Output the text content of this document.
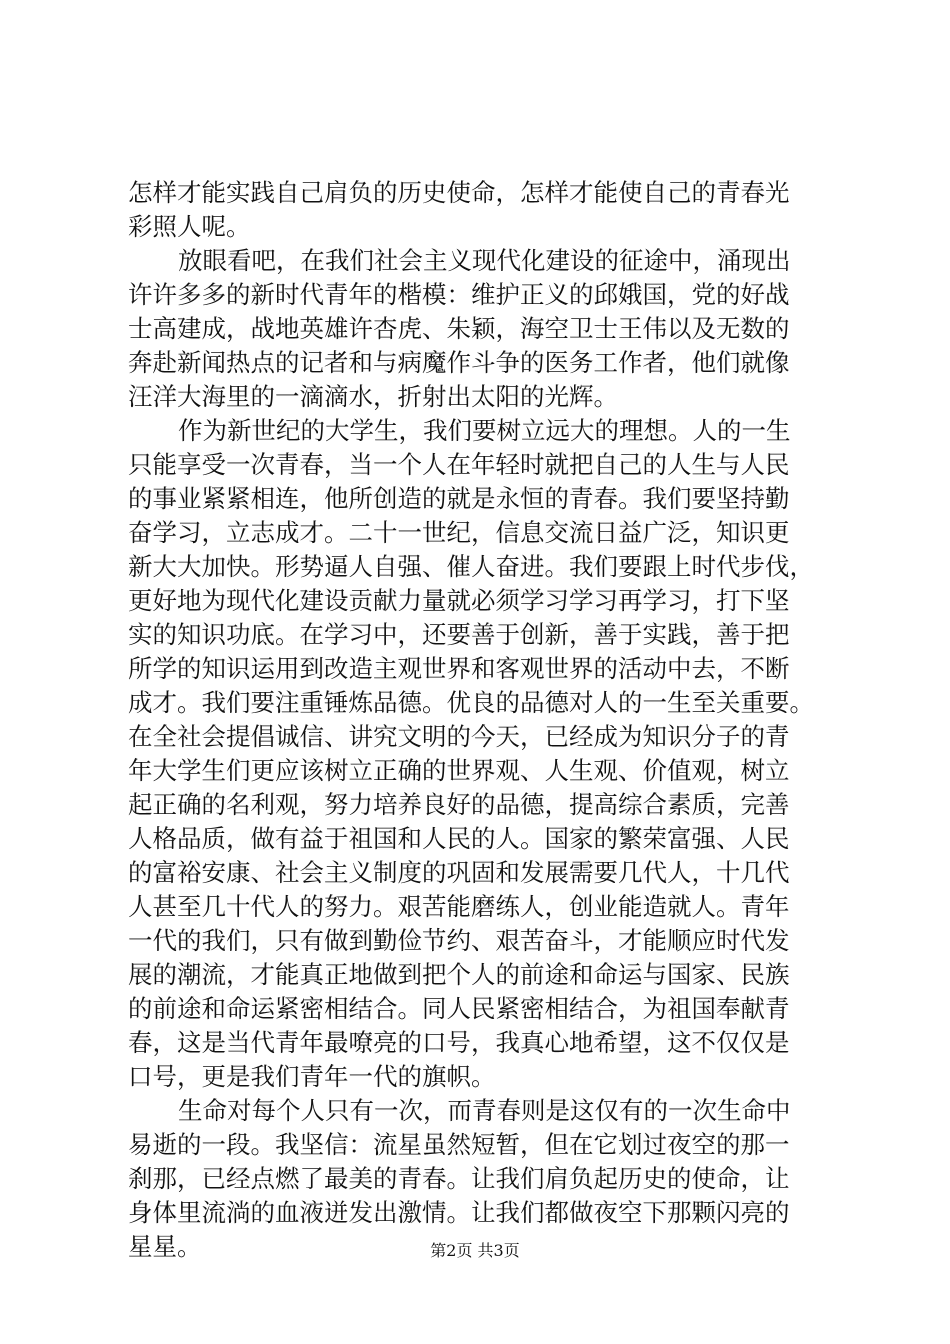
怎样才能实践自己肩负的历史使命，怎样才能使自己的青春光
彩照人呢。
放眼看吧，在我们社会主义现代化建设的征途中，涌现出
许许多多的新时代青年的楷模：维护正义的邱娥国，党的好战
士高建成，战地英雄许杏虎、朱颖，海空卫士王伟以及无数的
奔赴新闻热点的记者和与病魔作斗争的医务工作者，他们就像
汪洋大海里的一滴滴水，折射出太阳的光辉。
作为新世纪的大学生，我们要树立远大的理想。人的一生
只能享受一次青春，当一个人在年轻时就把自己的人生与人民
的事业紧紧相连，他所创造的就是永恒的青春。我们要坚持勤
奋学习，立志成才。二十一世纪，信息交流日益广泛，知识更
新大大加快。形势逼人自强、催人奋进。我们要跟上时代步伐，
更好地为现代化建设贡献力量就必须学习学习再学习，打下坚
实的知识功底。在学习中，还要善于创新，善于实践，善于把
所学的知识运用到改造主观世界和客观世界的活动中去，不断
成才。我们要注重锤炼品德。优良的品德对人的一生至关重要。
在全社会提倡诚信、讲究文明的今天，已经成为知识分子的青
年大学生们更应该树立正确的世界观、人生观、价值观，树立
起正确的名利观，努力培养良好的品德，提高综合素质，完善
人格品质，做有益于祖国和人民的人。国家的繁荣富强、人民
的富裕安康、社会主义制度的巩固和发展需要几代人，十几代
人甚至几十代人的努力。艰苦能磨练人，创业能造就人。青年
一代的我们，只有做到勤俭节约、艰苦奋斗，才能顺应时代发
展的潮流，才能真正地做到把个人的前途和命运与国家、民族
的前途和命运紧密相结合。同人民紧密相结合，为祖国奉献青
春，这是当代青年最嘹亮的口号，我真心地希望，这不仅仅是
口号，更是我们青年一代的旗帜。
生命对每个人只有一次，而青春则是这仅有的一次生命中
易逝的一段。我坚信：流星虽然短暂，但在它划过夜空的那一
刹那，已经点燃了最美的青春。让我们肩负起历史的使命，让
身体里流淌的血液迸发出激情。让我们都做夜空下那颗闪亮的
星星。	第2页 共3页
